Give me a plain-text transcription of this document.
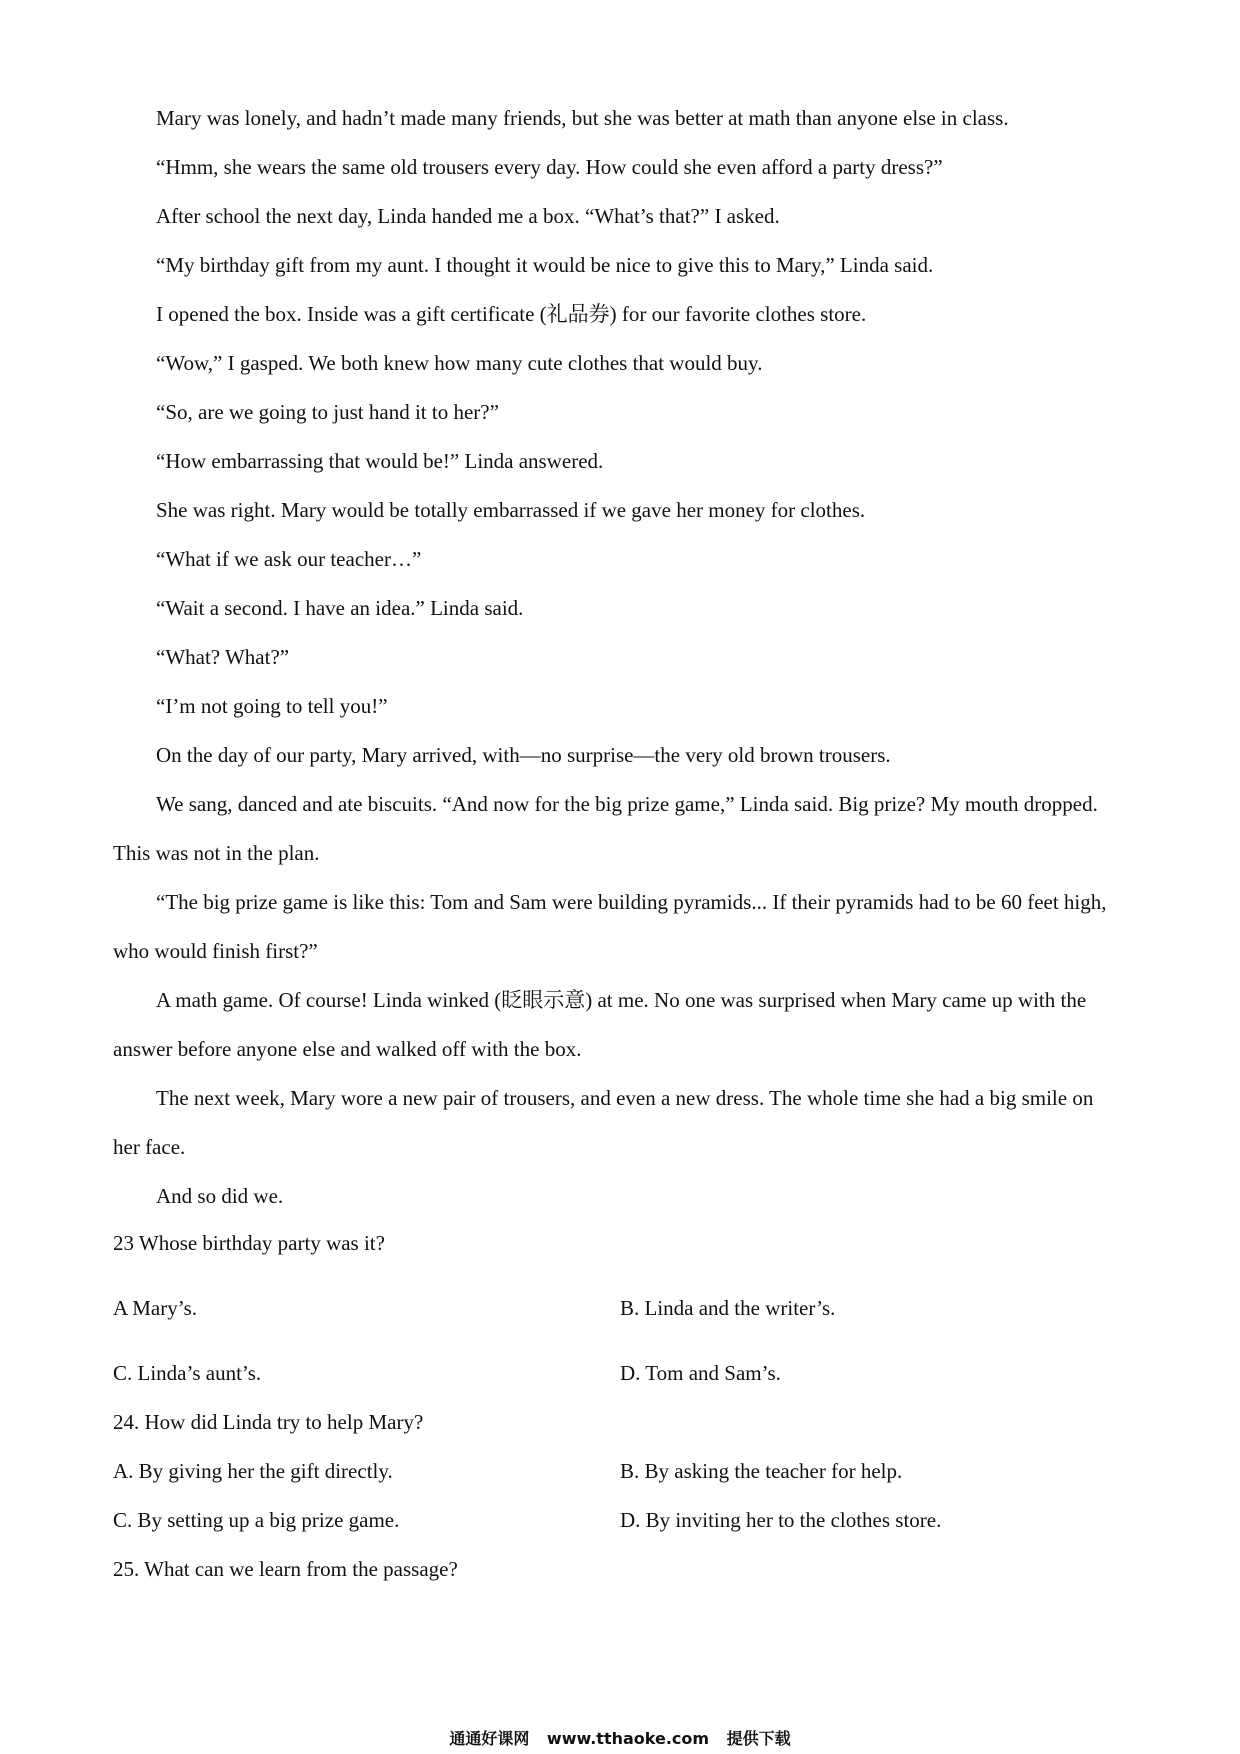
Mary was lonely, and hadn’t made many friends, but she was better at math than anyone else in class.
“Hmm, she wears the same old trousers every day. How could she even afford a party dress?”
After school the next day, Linda handed me a box. “What’s that?” I asked.
“My birthday gift from my aunt. I thought it would be nice to give this to Mary,” Linda said.
I opened the box. Inside was a gift certificate (礼品券) for our favorite clothes store.
“Wow,” I gasped. We both knew how many cute clothes that would buy.
“So, are we going to just hand it to her?”
“How embarrassing that would be!” Linda answered.
She was right. Mary would be totally embarrassed if we gave her money for clothes.
“What if we ask our teacher…”
“Wait a second. I have an idea.” Linda said.
“What? What?”
“I’m not going to tell you!”
On the day of our party, Mary arrived, with—no surprise—the very old brown trousers.
We sang, danced and ate biscuits. “And now for the big prize game,” Linda said. Big prize? My mouth dropped.
This was not in the plan.
“The big prize game is like this: Tom and Sam were building pyramids... If their pyramids had to be 60 feet high,
who would finish first?”
A math game. Of course! Linda winked (眨眼示意) at me. No one was surprised when Mary came up with the
answer before anyone else and walked off with the box.
The next week, Mary wore a new pair of trousers, and even a new dress. The whole time she had a big smile on
her face.
And so did we.
23 Whose birthday party was it?
A Mary’s.	B. Linda and the writer’s.
C. Linda’s aunt’s.	D. Tom and Sam’s.
24. How did Linda try to help Mary?
A. By giving her the gift directly.	B. By asking the teacher for help.
C. By setting up a big prize game.	D. By inviting her to the clothes store.
25. What can we learn from the passage?
通通好课网 www.tthaoke.com 提供下载
